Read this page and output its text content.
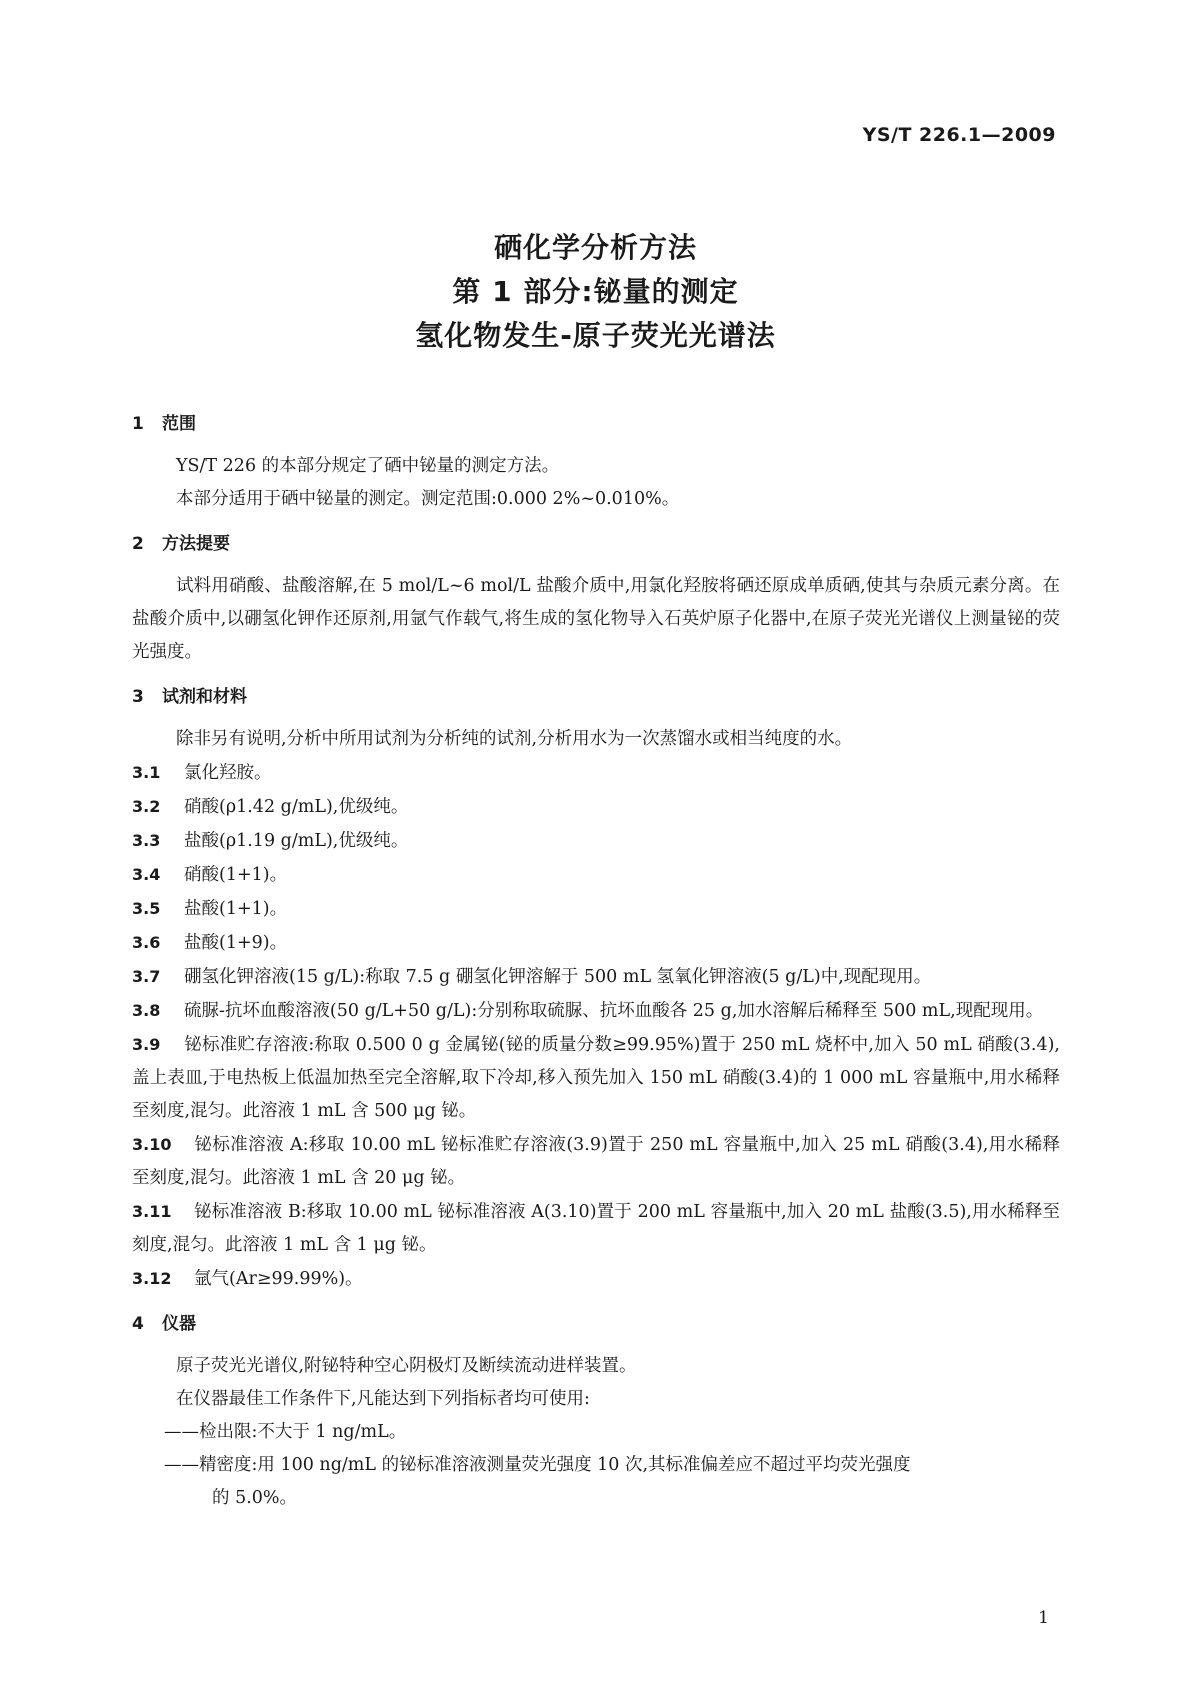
YS/T 226.1—2009
硒化学分析方法
第 1 部分:铋量的测定
氢化物发生-原子荧光光谱法
1 范围

YS/T 226 的本部分规定了硒中铋量的测定方法。

本部分适用于硒中铋量的测定。测定范围:0.000 2%~0.010%。

2 方法提要

试料用硝酸、盐酸溶解,在 5 mol/L~6 mol/L 盐酸介质中,用氯化羟胺将硒还原成单质硒,使其与杂质元素分离。在盐酸介质中,以硼氢化钾作还原剂,用氩气作载气,将生成的氢化物导入石英炉原子化器中,在原子荧光光谱仪上测量铋的荧光强度。

3 试剂和材料

除非另有说明,分析中所用试剂为分析纯的试剂,分析用水为一次蒸馏水或相当纯度的水。

3.1 氯化羟胺。

3.2 硝酸(ρ1.42 g/mL),优级纯。

3.3 盐酸(ρ1.19 g/mL),优级纯。

3.4 硝酸(1+1)。

3.5 盐酸(1+1)。

3.6 盐酸(1+9)。

3.7 硼氢化钾溶液(15 g/L):称取 7.5 g 硼氢化钾溶解于 500 mL 氢氧化钾溶液(5 g/L)中,现配现用。

3.8 硫脲-抗坏血酸溶液(50 g/L+50 g/L):分别称取硫脲、抗坏血酸各 25 g,加水溶解后稀释至 500 mL,现配现用。

3.9 铋标准贮存溶液:称取 0.500 0 g 金属铋(铋的质量分数≥99.95%)置于 250 mL 烧杯中,加入 50 mL 硝酸(3.4),盖上表皿,于电热板上低温加热至完全溶解,取下冷却,移入预先加入 150 mL 硝酸(3.4)的 1 000 mL 容量瓶中,用水稀释至刻度,混匀。此溶液 1 mL 含 500 μg 铋。

3.10 铋标准溶液 A:移取 10.00 mL 铋标准贮存溶液(3.9)置于 250 mL 容量瓶中,加入 25 mL 硝酸(3.4),用水稀释至刻度,混匀。此溶液 1 mL 含 20 μg 铋。

3.11 铋标准溶液 B:移取 10.00 mL 铋标准溶液 A(3.10)置于 200 mL 容量瓶中,加入 20 mL 盐酸(3.5),用水稀释至刻度,混匀。此溶液 1 mL 含 1 μg 铋。

3.12 氩气(Ar≥99.99%)。

4 仪器

原子荧光光谱仪,附铋特种空心阴极灯及断续流动进样装置。

在仪器最佳工作条件下,凡能达到下列指标者均可使用:

——检出限:不大于 1 ng/mL。

——精密度:用 100 ng/mL 的铋标准溶液测量荧光强度 10 次,其标准偏差应不超过平均荧光强度

的 5.0%。

1
